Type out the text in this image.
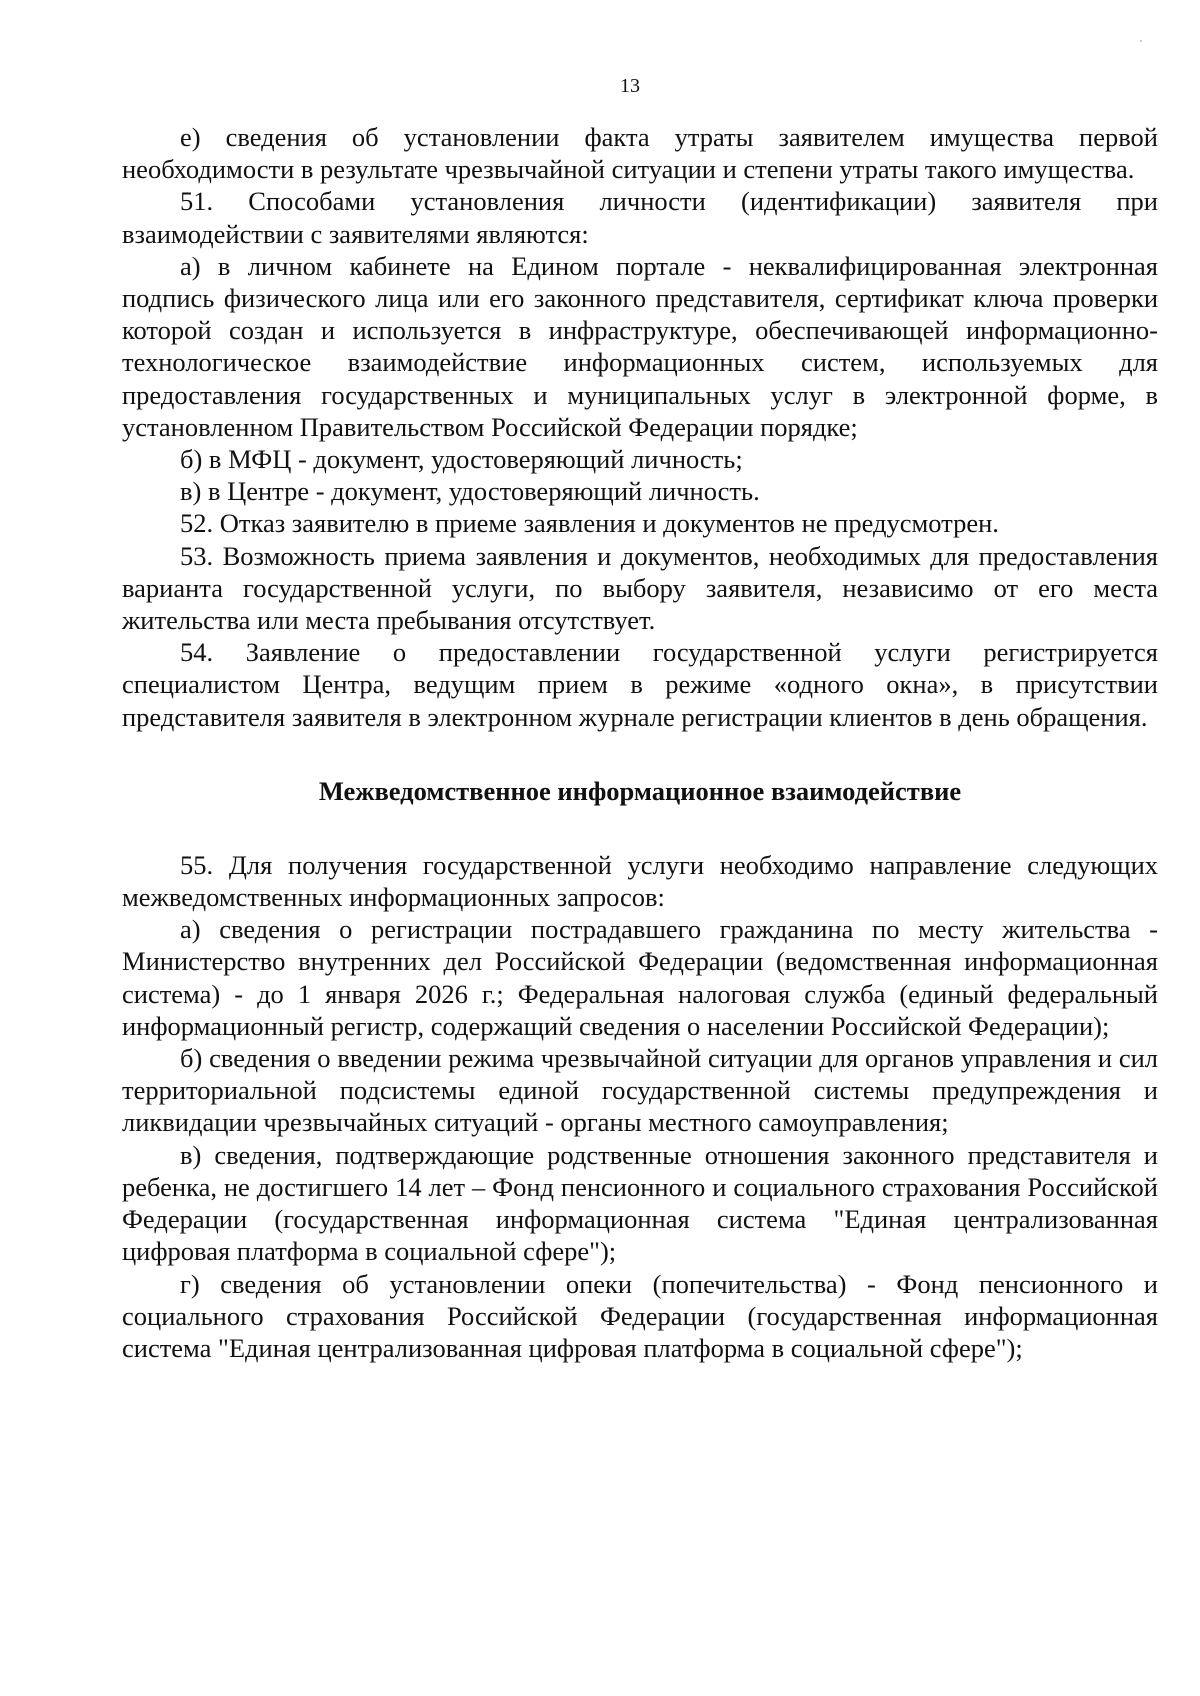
13

е) сведения об установлении факта утраты заявителем имущества первой необходимости в результате чрезвычайной ситуации и степени утраты такого имущества.

51. Способами установления личности (идентификации) заявителя при взаимодействии с заявителями являются:

а) в личном кабинете на Едином портале - неквалифицированная электронная подпись физического лица или его законного представителя, сертификат ключа проверки которой создан и используется в инфраструктуре, обеспечивающей информационно-технологическое взаимодействие информационных систем, используемых для предоставления государственных и муниципальных услуг в электронной форме, в установленном Правительством Российской Федерации порядке;

б) в МФЦ - документ, удостоверяющий личность;

в) в Центре - документ, удостоверяющий личность.

52. Отказ заявителю в приеме заявления и документов не предусмотрен.

53. Возможность приема заявления и документов, необходимых для предоставления варианта государственной услуги, по выбору заявителя, независимо от его места жительства или места пребывания отсутствует.

54. Заявление о предоставлении государственной услуги регистрируется специалистом Центра, ведущим прием в режиме «одного окна», в присутствии представителя заявителя в электронном журнале регистрации клиентов в день обращения.

Межведомственное информационное взаимодействие

55. Для получения государственной услуги необходимо направление следующих межведомственных информационных запросов:

а) сведения о регистрации пострадавшего гражданина по месту жительства - Министерство внутренних дел Российской Федерации (ведомственная информационная система) - до 1 января 2026 г.; Федеральная налоговая служба (единый федеральный информационный регистр, содержащий сведения о населении Российской Федерации);

б) сведения о введении режима чрезвычайной ситуации для органов управления и сил территориальной подсистемы единой государственной системы предупреждения и ликвидации чрезвычайных ситуаций - органы местного самоуправления;

в) сведения, подтверждающие родственные отношения законного представителя и ребенка, не достигшего 14 лет – Фонд пенсионного и социального страхования Российской Федерации (государственная информационная система "Единая централизованная цифровая платформа в социальной сфере");

г) сведения об установлении опеки (попечительства) - Фонд пенсионного и социального страхования Российской Федерации (государственная информационная система "Единая централизованная цифровая платформа в социальной сфере");
